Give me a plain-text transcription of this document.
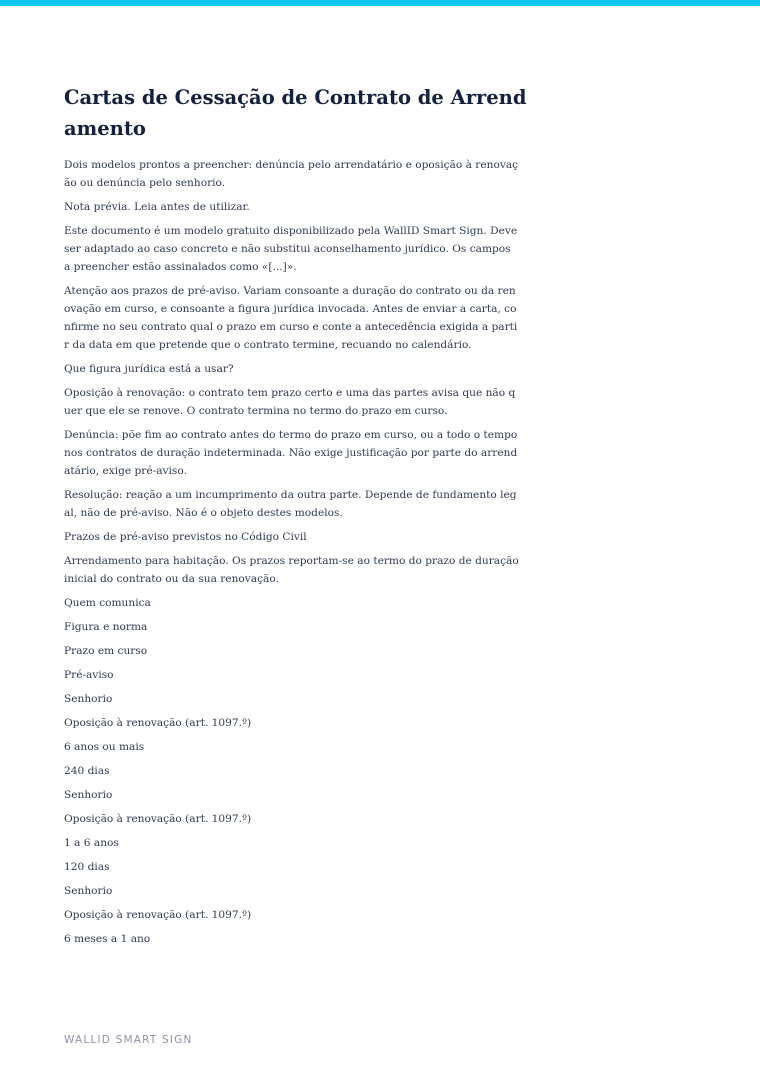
Cartas de Cessação de Contrato de Arrendamento

Dois modelos prontos a preencher: denúncia pelo arrendatário e oposição à renovação ou denúncia pelo senhorio.

Nota prévia. Leia antes de utilizar.

Este documento é um modelo gratuito disponibilizado pela WallID Smart Sign. Deve ser adaptado ao caso concreto e não substitui aconselhamento jurídico. Os campos a preencher estão assinalados como «[...]».

Atenção aos prazos de pré-aviso. Variam consoante a duração do contrato ou da renovação em curso, e consoante a figura jurídica invocada. Antes de enviar a carta, confirme no seu contrato qual o prazo em curso e conte a antecedência exigida a partir da data em que pretende que o contrato termine, recuando no calendário.

Que figura jurídica está a usar?

Oposição à renovação: o contrato tem prazo certo e uma das partes avisa que não quer que ele se renove. O contrato termina no termo do prazo em curso.

Denúncia: põe fim ao contrato antes do termo do prazo em curso, ou a todo o tempo nos contratos de duração indeterminada. Não exige justificação por parte do arrendatário, exige pré-aviso.

Resolução: reação a um incumprimento da outra parte. Depende de fundamento legal, não de pré-aviso. Não é o objeto destes modelos.

Prazos de pré-aviso previstos no Código Civil

Arrendamento para habitação. Os prazos reportam-se ao termo do prazo de duração inicial do contrato ou da sua renovação.

Quem comunica

Figura e norma

Prazo em curso

Pré-aviso

Senhorio

Oposição à renovação (art. 1097.º)

6 anos ou mais

240 dias

Senhorio

Oposição à renovação (art. 1097.º)

1 a 6 anos

120 dias

Senhorio

Oposição à renovação (art. 1097.º)

6 meses a 1 ano

WALLID SMART SIGN
